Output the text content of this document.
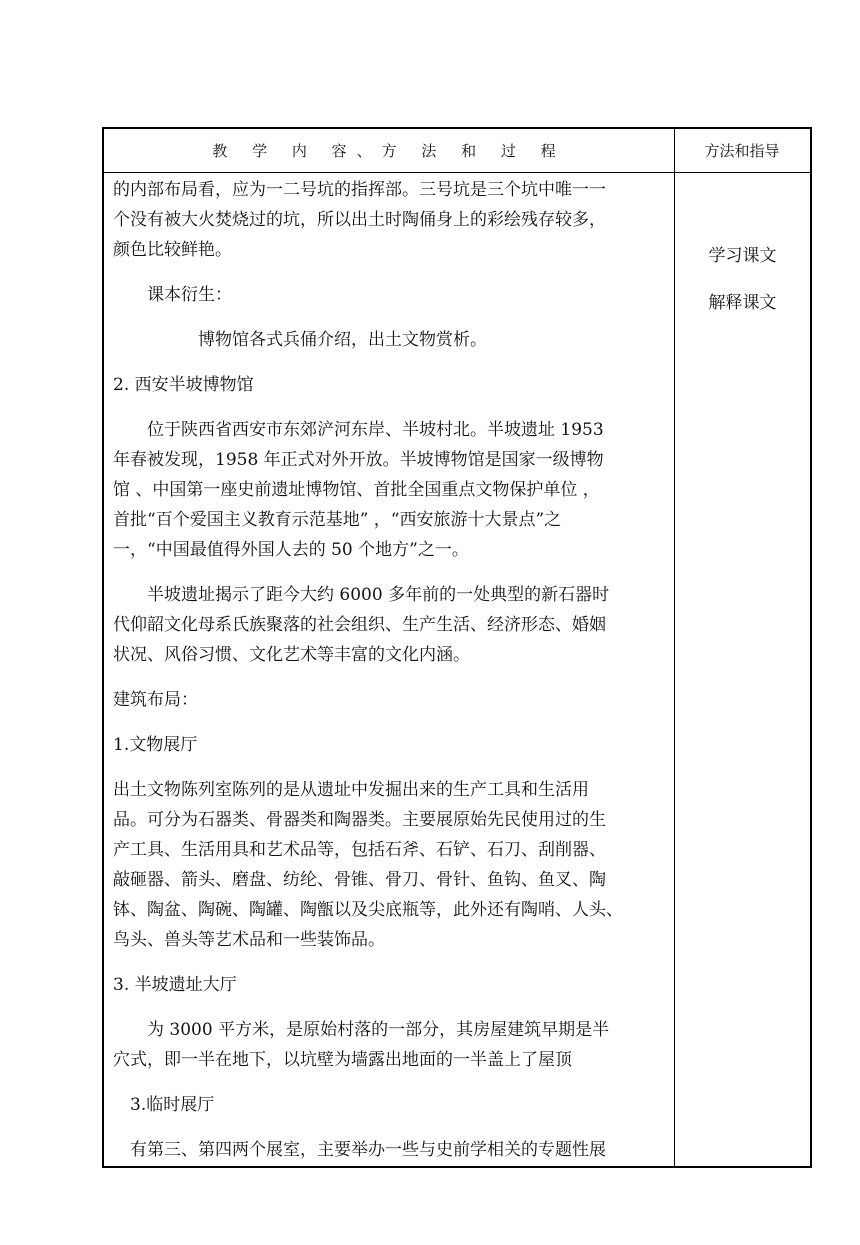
教 学 内 容、方 法 和 过 程	方法和指导

的内部布局看，应为一二号坑的指挥部。三号坑是三个坑中唯一一

个没有被大火焚烧过的坑，所以出土时陶俑身上的彩绘残存较多，

颜色比较鲜艳。

课本衍生：

博物馆各式兵俑介绍，出土文物赏析。

2. 西安半坡博物馆

位于陕西省西安市东郊浐河东岸、半坡村北。半坡遗址 1953

年春被发现，1958 年正式对外开放。半坡博物馆是国家一级博物

馆 、中国第一座史前遗址博物馆、首批全国重点文物保护单位 ，

首批“百个爱国主义教育示范基地” ，“西安旅游十大景点”之

一，“中国最值得外国人去的 50 个地方”之一。

半坡遗址揭示了距今大约 6000 多年前的一处典型的新石器时

代仰韶文化母系氏族聚落的社会组织、生产生活、经济形态、婚姻

状况、风俗习惯、文化艺术等丰富的文化内涵。

建筑布局：

1.文物展厅

出土文物陈列室陈列的是从遗址中发掘出来的生产工具和生活用

品。可分为石器类、骨器类和陶器类。主要展原始先民使用过的生

产工具、生活用具和艺术品等，包括石斧、石铲、石刀、刮削器、

敲砸器、箭头、磨盘、纺纶、骨锥、骨刀、骨针、鱼钩、鱼叉、陶

钵、陶盆、陶碗、陶罐、陶甑以及尖底瓶等，此外还有陶哨、人头、

鸟头、兽头等艺术品和一些装饰品。

3. 半坡遗址大厅

为 3000 平方米，是原始村落的一部分，其房屋建筑早期是半

穴式，即一半在地下，以坑壁为墙露出地面的一半盖上了屋顶

3.临时展厅

有第三、第四两个展室，主要举办一些与史前学相关的专题性展

学习课文
解释课文
